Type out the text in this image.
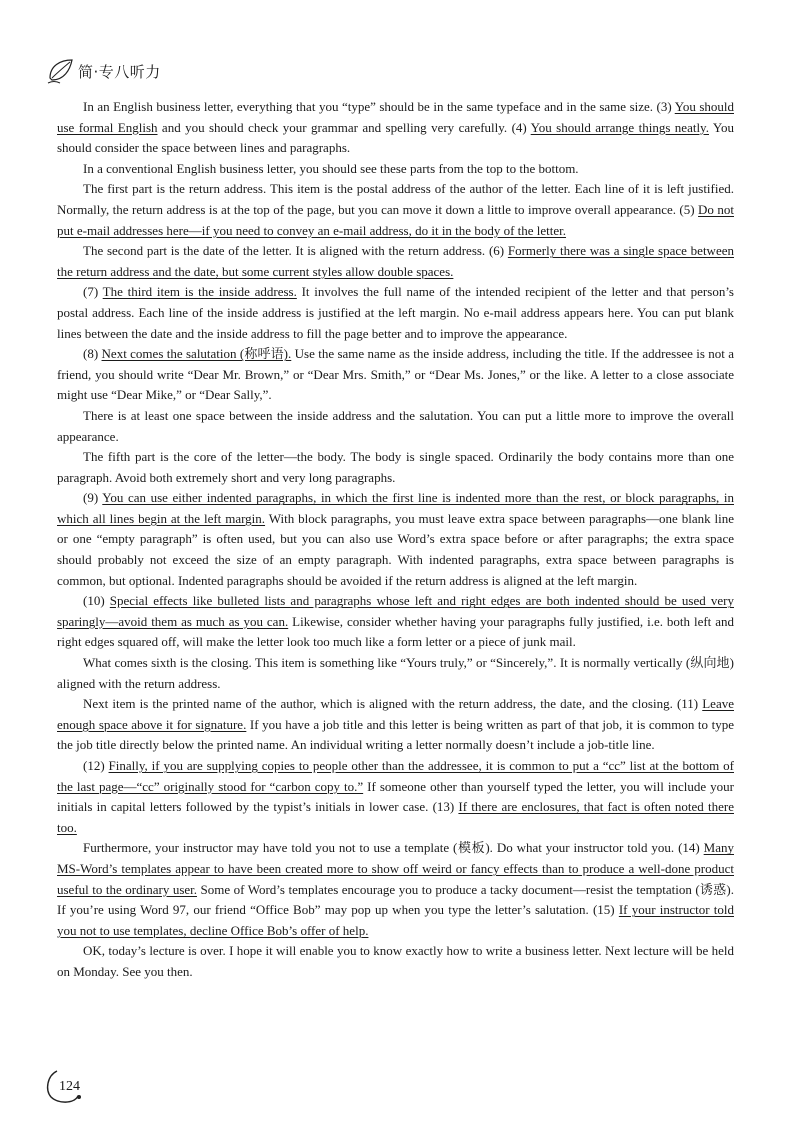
简·专八听力

In an English business letter, everything that you “type” should be in the same typeface and in the same size. (3) You should use formal English and you should check your grammar and spelling very carefully. (4) You should arrange things neatly. You should consider the space between lines and paragraphs.

In a conventional English business letter, you should see these parts from the top to the bottom.

The first part is the return address. This item is the postal address of the author of the letter. Each line of it is left justified. Normally, the return address is at the top of the page, but you can move it down a little to improve overall appearance. (5) Do not put e-mail addresses here—if you need to convey an e-mail address, do it in the body of the letter.

The second part is the date of the letter. It is aligned with the return address. (6) Formerly there was a single space between the return address and the date, but some current styles allow double spaces.

(7) The third item is the inside address. It involves the full name of the intended recipient of the letter and that person’s postal address. Each line of the inside address is justified at the left margin. No e-mail address appears here. You can put blank lines between the date and the inside address to fill the page better and to improve the appearance.

(8) Next comes the salutation (称呼语). Use the same name as the inside address, including the title. If the addressee is not a friend, you should write “Dear Mr. Brown,” or “Dear Mrs. Smith,” or “Dear Ms. Jones,” or the like. A letter to a close associate might use “Dear Mike,” or “Dear Sally,”.

There is at least one space between the inside address and the salutation. You can put a little more to improve the overall appearance.

The fifth part is the core of the letter—the body. The body is single spaced. Ordinarily the body contains more than one paragraph. Avoid both extremely short and very long paragraphs.

(9) You can use either indented paragraphs, in which the first line is indented more than the rest, or block paragraphs, in which all lines begin at the left margin. With block paragraphs, you must leave extra space between paragraphs—one blank line or one “empty paragraph” is often used, but you can also use Word’s extra space before or after paragraphs; the extra space should probably not exceed the size of an empty paragraph. With indented paragraphs, extra space between paragraphs is common, but optional. Indented paragraphs should be avoided if the return address is aligned at the left margin.

(10) Special effects like bulleted lists and paragraphs whose left and right edges are both indented should be used very sparingly—avoid them as much as you can. Likewise, consider whether having your paragraphs fully justified, i.e. both left and right edges squared off, will make the letter look too much like a form letter or a piece of junk mail.

What comes sixth is the closing. This item is something like “Yours truly,” or “Sincerely,”. It is normally vertically (纵向地) aligned with the return address.

Next item is the printed name of the author, which is aligned with the return address, the date, and the closing. (11) Leave enough space above it for signature. If you have a job title and this letter is being written as part of that job, it is common to type the job title directly below the printed name. An individual writing a letter normally doesn’t include a job-title line.

(12) Finally, if you are supplying copies to people other than the addressee, it is common to put a “cc” list at the bottom of the last page—“cc” originally stood for “carbon copy to.” If someone other than yourself typed the letter, you will include your initials in capital letters followed by the typist’s initials in lower case. (13) If there are enclosures, that fact is often noted there too.

Furthermore, your instructor may have told you not to use a template (模板). Do what your instructor told you. (14) Many MS-Word’s templates appear to have been created more to show off weird or fancy effects than to produce a well-done product useful to the ordinary user. Some of Word’s templates encourage you to produce a tacky document—resist the temptation (诱惑). If you’re using Word 97, our friend “Office Bob” may pop up when you type the letter’s salutation. (15) If your instructor told you not to use templates, decline Office Bob’s offer of help.

OK, today’s lecture is over. I hope it will enable you to know exactly how to write a business letter. Next lecture will be held on Monday. See you then.

124
